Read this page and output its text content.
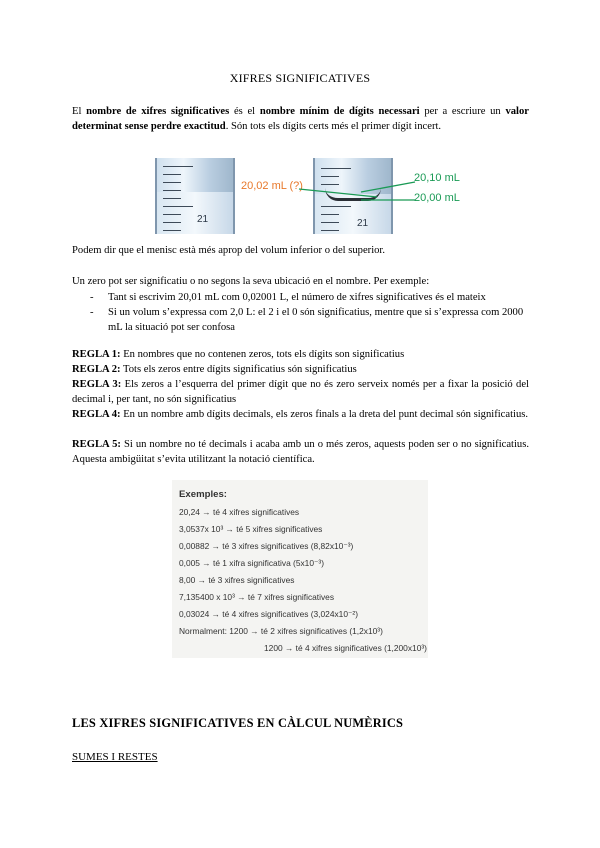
XIFRES SIGNIFICATIVES
El nombre de xifres significatives és el nombre mínim de dígits necessari per a escriure un valor determinat sense perdre exactitud. Són tots els dígits certs més el primer dígit incert.
21
20,02 mL (?)
21
20,10 mL
20,00 mL
Podem dir que el menisc està més aprop del volum inferior o del superior.
Un zero pot ser significatiu o no segons la seva ubicació en el nombre. Per exemple:
- Tant si escrivim 20,01 mL com 0,02001 L, el número de xifres significatives és el mateix
- Si un volum s’expressa com 2,0 L: el 2 i el 0 són significatius, mentre que si s’expressa com 2000 mL la situació pot ser confosa
REGLA 1: En nombres que no contenen zeros, tots els dígits son significatius
REGLA 2: Tots els zeros entre dígits significatius són significatius
REGLA 3: Els zeros a l’esquerra del primer dígit que no és zero serveix només per a fixar la posició del decimal i, per tant, no són significatius
REGLA 4: En un nombre amb dígits decimals, els zeros finals a la dreta del punt decimal són significatius.
REGLA 5: Si un nombre no té decimals i acaba amb un o més zeros, aquests poden ser o no significatius. Aquesta ambigüitat s’evita utilitzant la notació científica.
Exemples:
20,24 → té 4 xifres significatives
3,0537x 10³ → té 5 xifres significatives
0,00882 → té 3 xifres significatives (8,82x10⁻³)
0,005 → té 1 xifra significativa (5x10⁻³)
8,00 → té 3 xifres significatives
7,135400 x 10³ → té 7 xifres significatives
0,03024 → té 4 xifres significatives (3,024x10⁻²)
Normalment: 1200 → té 2 xifres significatives (1,2x10³)
1200 → té 4 xifres significatives (1,200x10³)
LES XIFRES SIGNIFICATIVES EN CÀLCUL NUMÈRICS
SUMES I RESTES
